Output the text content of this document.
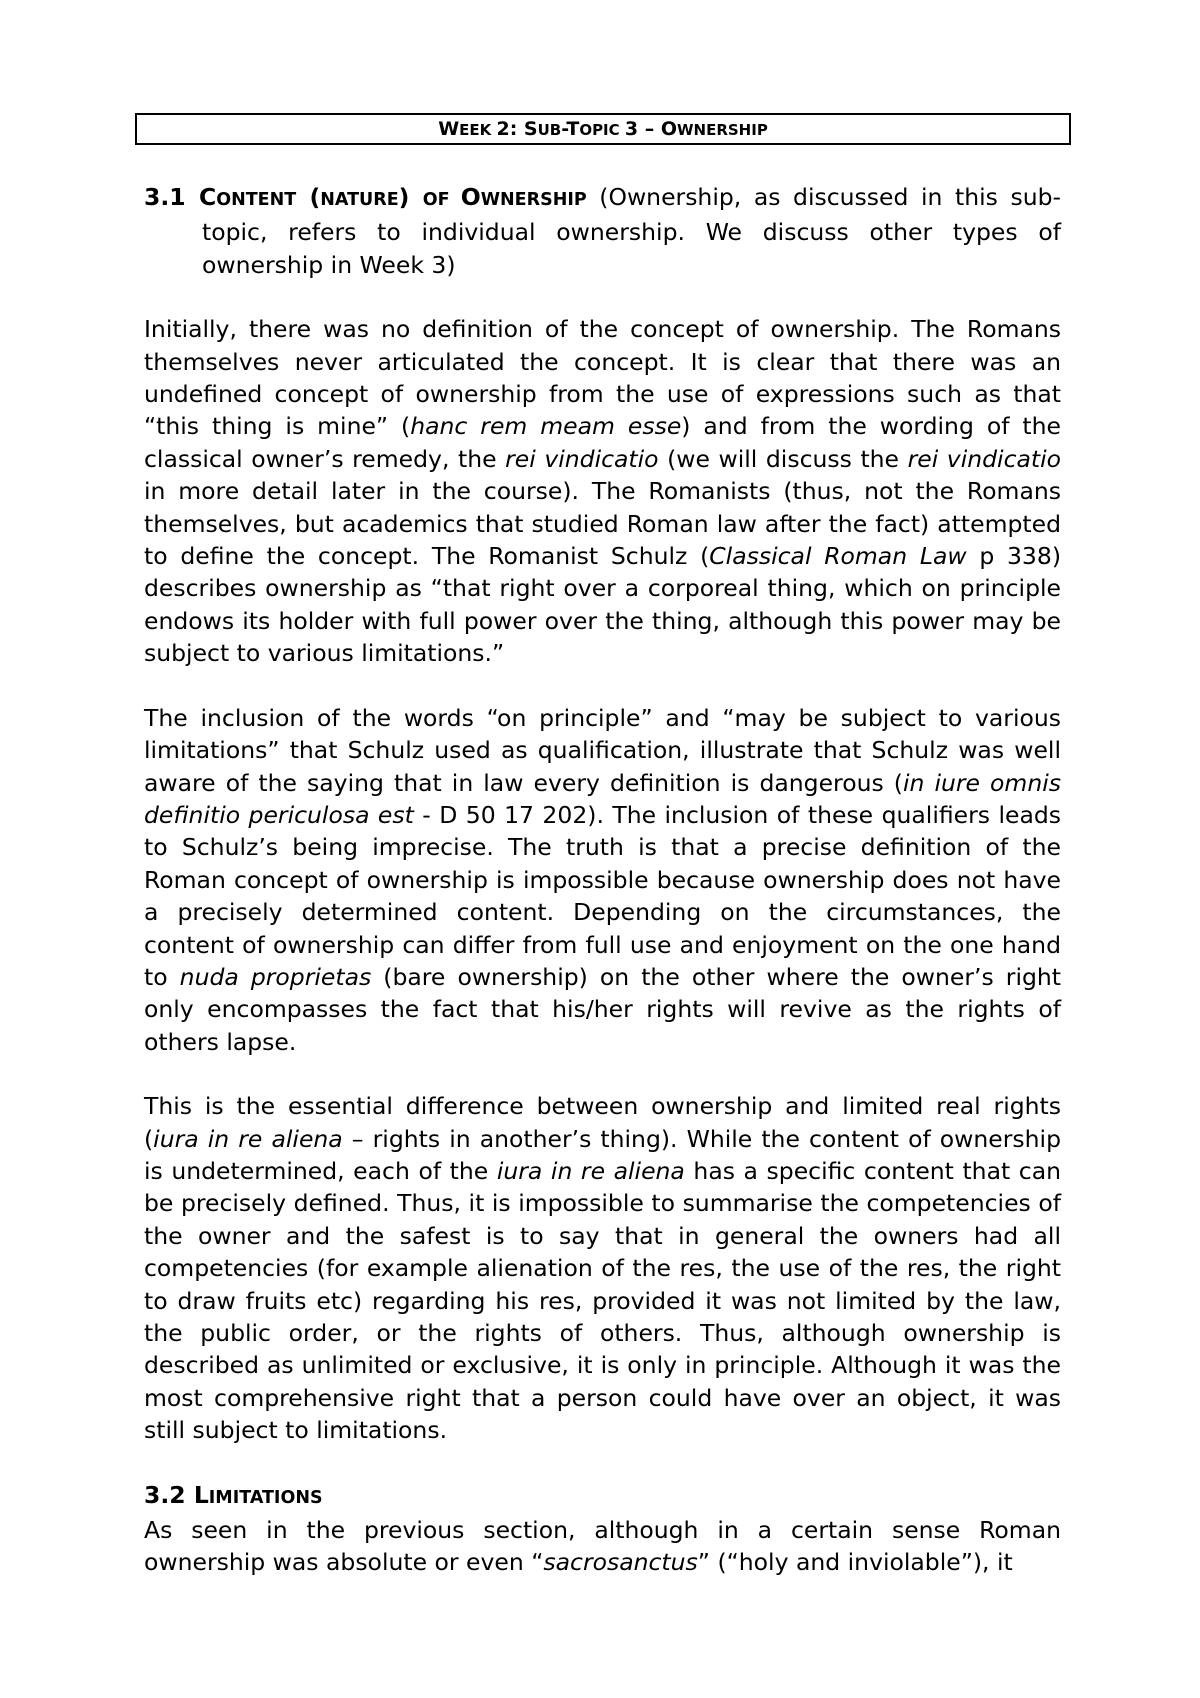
WEEK 2: SUB-TOPIC 3 – OWNERSHIP

3.1 CONTENT (NATURE) OF OWNERSHIP (Ownership, as discussed in this sub-topic, refers to individual ownership. We discuss other types of ownership in Week 3)

Initially, there was no definition of the concept of ownership. The Romans themselves never articulated the concept. It is clear that there was an undefined concept of ownership from the use of expressions such as that “this thing is mine” (hanc rem meam esse) and from the wording of the classical owner’s remedy, the rei vindicatio (we will discuss the rei vindicatio in more detail later in the course). The Romanists (thus, not the Romans themselves, but academics that studied Roman law after the fact) attempted to define the concept. The Romanist Schulz (Classical Roman Law p 338) describes ownership as “that right over a corporeal thing, which on principle endows its holder with full power over the thing, although this power may be subject to various limitations.”

The inclusion of the words “on principle” and “may be subject to various limitations” that Schulz used as qualification, illustrate that Schulz was well aware of the saying that in law every definition is dangerous (in iure omnis definitio periculosa est - D 50 17 202). The inclusion of these qualifiers leads to Schulz’s being imprecise. The truth is that a precise definition of the Roman concept of ownership is impossible because ownership does not have a precisely determined content. Depending on the circumstances, the content of ownership can differ from full use and enjoyment on the one hand to nuda proprietas (bare ownership) on the other where the owner’s right only encompasses the fact that his/her rights will revive as the rights of others lapse.

This is the essential difference between ownership and limited real rights (iura in re aliena – rights in another’s thing). While the content of ownership is undetermined, each of the iura in re aliena has a specific content that can be precisely defined. Thus, it is impossible to summarise the competencies of the owner and the safest is to say that in general the owners had all competencies (for example alienation of the res, the use of the res, the right to draw fruits etc) regarding his res, provided it was not limited by the law, the public order, or the rights of others. Thus, although ownership is described as unlimited or exclusive, it is only in principle. Although it was the most comprehensive right that a person could have over an object, it was still subject to limitations.

3.2 LIMITATIONS

As seen in the previous section, although in a certain sense Roman ownership was absolute or even “sacrosanctus” (“holy and inviolable”), it
